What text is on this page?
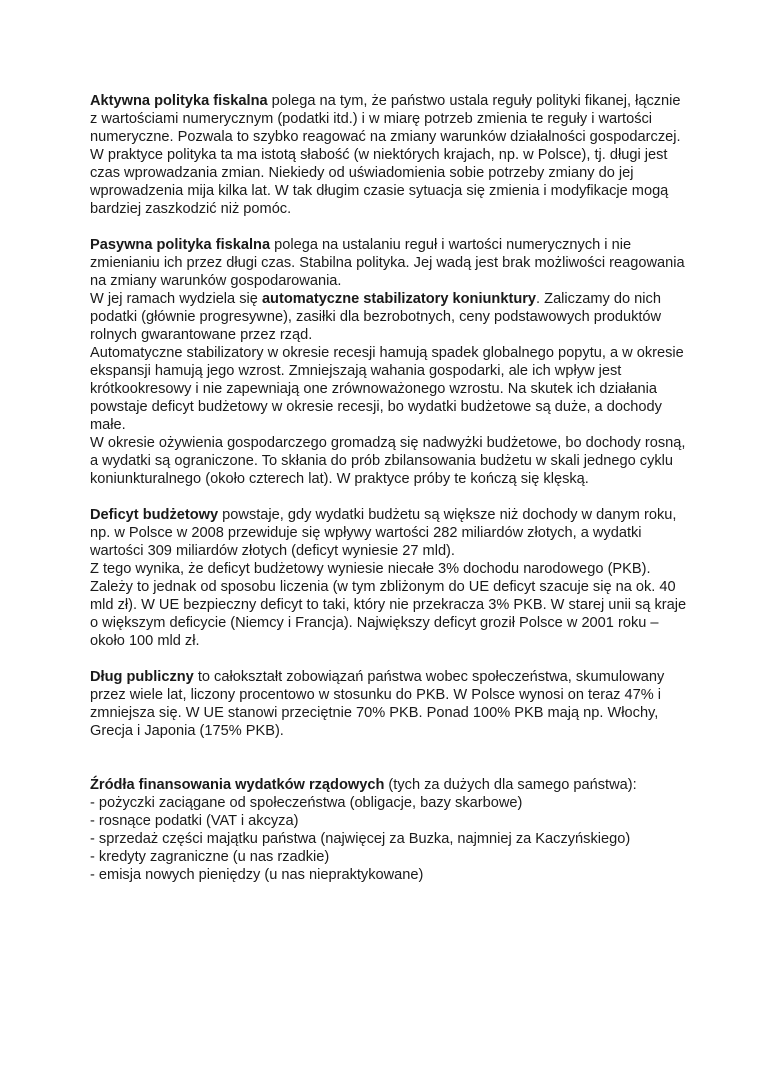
Aktywna polityka fiskalna polega na tym, że państwo ustala reguły polityki fikanej, łącznie z wartościami numerycznym (podatki itd.) i w miarę potrzeb zmienia te reguły i wartości numeryczne. Pozwala to szybko reagować na zmiany warunków działalności gospodarczej. W praktyce polityka ta ma istotą słabość (w niektórych krajach, np. w Polsce), tj. długi jest czas wprowadzania zmian. Niekiedy od uświadomienia sobie potrzeby zmiany do jej wprowadzenia mija kilka lat. W tak długim czasie sytuacja się zmienia i modyfikacje mogą bardziej zaszkodzić niż pomóc.

Pasywna polityka fiskalna polega na ustalaniu reguł i wartości numerycznych i nie zmienianiu ich przez długi czas. Stabilna polityka. Jej wadą jest brak możliwości reagowania na zmiany warunków gospodarowania.

W jej ramach wydziela się automatyczne stabilizatory koniunktury. Zaliczamy do nich podatki (głównie progresywne), zasiłki dla bezrobotnych, ceny podstawowych produktów rolnych gwarantowane przez rząd.

Automatyczne stabilizatory w okresie recesji hamują spadek globalnego popytu, a w okresie ekspansji hamują jego wzrost. Zmniejszają wahania gospodarki, ale ich wpływ jest krótkookresowy i nie zapewniają one zrównoważonego wzrostu. Na skutek ich działania powstaje deficyt budżetowy w okresie recesji, bo wydatki budżetowe są duże, a dochody małe.

W okresie ożywienia gospodarczego gromadzą się nadwyżki budżetowe, bo dochody rosną, a wydatki są ograniczone. To skłania do prób zbilansowania budżetu w skali jednego cyklu koniunkturalnego (około czterech lat). W praktyce próby te kończą się klęską.

Deficyt budżetowy powstaje, gdy wydatki budżetu są większe niż dochody w danym roku, np. w Polsce w 2008 przewiduje się wpływy wartości 282 miliardów złotych, a wydatki wartości 309 miliardów złotych (deficyt wyniesie 27 mld).

Z tego wynika, że deficyt budżetowy wyniesie niecałe 3% dochodu narodowego (PKB). Zależy to jednak od sposobu liczenia (w tym zbliżonym do UE deficyt szacuje się na ok. 40 mld zł). W UE bezpieczny deficyt to taki, który nie przekracza 3% PKB. W starej unii są kraje o większym deficycie (Niemcy i Francja). Największy deficyt groził Polsce w 2001 roku – około 100 mld zł.

Dług publiczny to całokształt zobowiązań państwa wobec społeczeństwa, skumulowany przez wiele lat, liczony procentowo w stosunku do PKB. W Polsce wynosi on teraz 47% i zmniejsza się. W UE stanowi przeciętnie 70% PKB. Ponad 100% PKB mają np. Włochy, Grecja i Japonia (175% PKB).

Źródła finansowania wydatków rządowych (tych za dużych dla samego państwa):

- pożyczki zaciągane od społeczeństwa (obligacje, bazy skarbowe)
- rosnące podatki (VAT i akcyza)
- sprzedaż części majątku państwa (najwięcej za Buzka, najmniej za Kaczyńskiego)
- kredyty zagraniczne (u nas rzadkie)
- emisja nowych pieniędzy (u nas niepraktykowane)
